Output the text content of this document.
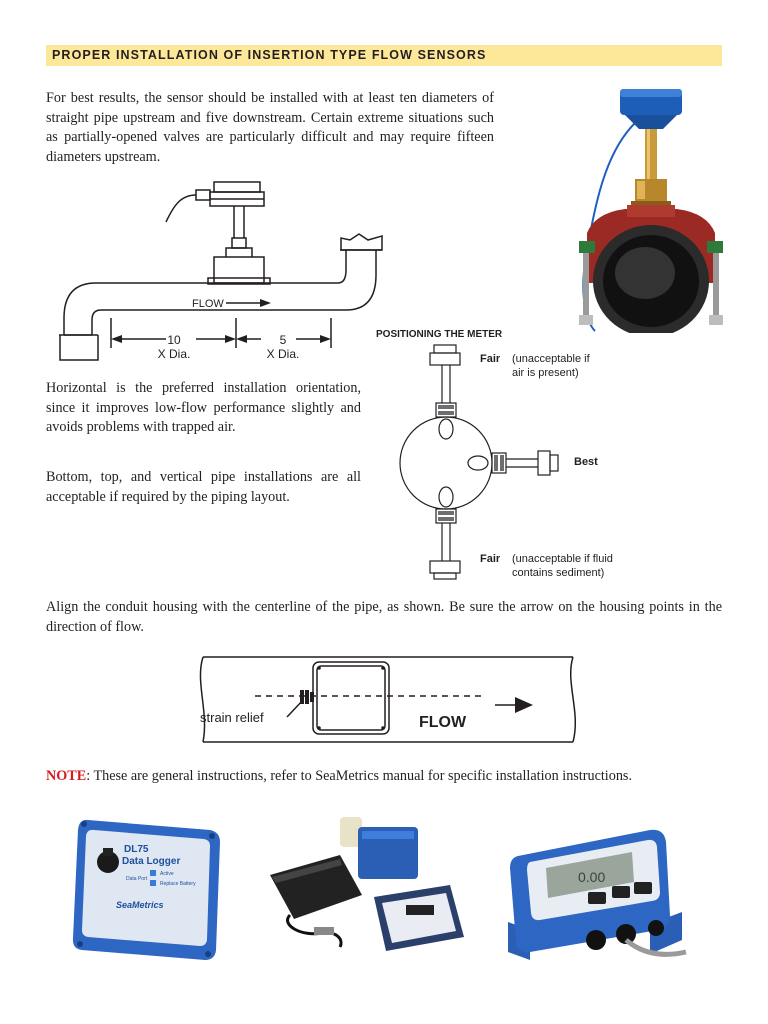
PROPER INSTALLATION OF INSERTION TYPE FLOW SENSORS
For best results, the sensor should be installed with at least ten diameters of straight pipe upstream and five downstream. Certain extreme situations such as partially-opened valves are particularly difficult and may require fifteen diameters upstream.
FLOW
10
X Dia.
5
X Dia.
Horizontal is the preferred installation orientation, since it improves low-flow performance slightly and avoids problems with trapped air.
Bottom, top, and vertical pipe installations are all acceptable if required by the piping layout.
POSITIONING THE METER
Fair (unacceptable if
air is present)
Best
Fair (unacceptable if fluid
contains sediment)
Align the conduit housing with the centerline of the pipe, as shown. Be sure the arrow on the housing points in the direction of flow.
strain relief	FLOW
NOTE: These are general instructions, refer to SeaMetrics manual for specific installation instructions.
DL75
Data Logger
Data Port
Active
Replace Battery
SeaMetrics
0.00
